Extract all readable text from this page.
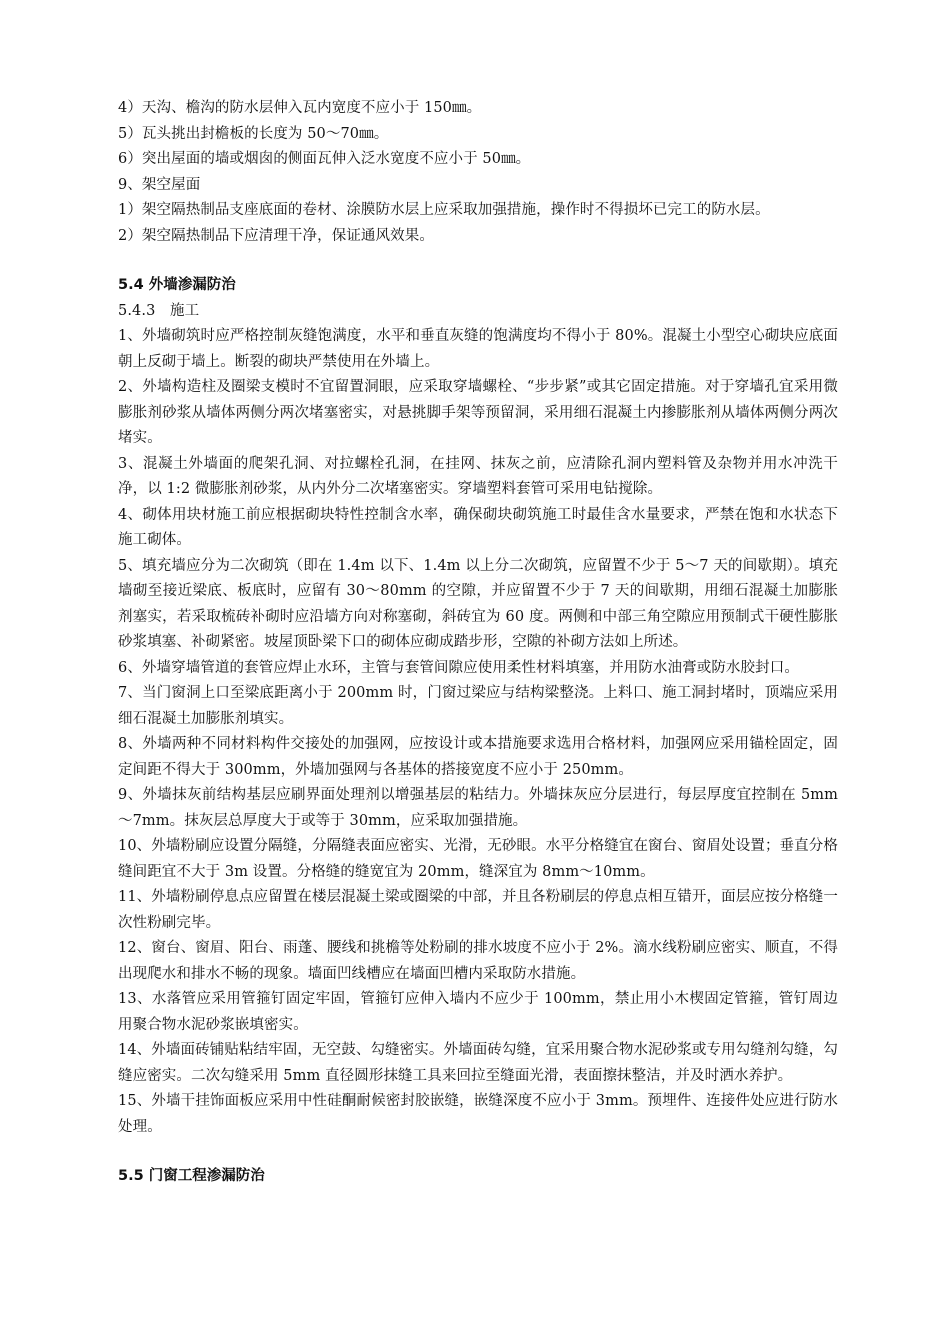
4）天沟、檐沟的防水层伸入瓦内宽度不应小于 150㎜。

5）瓦头挑出封檐板的长度为 50～70㎜。

6）突出屋面的墙或烟囱的侧面瓦伸入泛水宽度不应小于 50㎜。

9、架空屋面

1）架空隔热制品支座底面的卷材、涂膜防水层上应采取加强措施，操作时不得损坏已完工的防水层。

2）架空隔热制品下应清理干净，保证通风效果。

5.4 外墙渗漏防治

5.4.3　施工

1、外墙砌筑时应严格控制灰缝饱满度，水平和垂直灰缝的饱满度均不得小于 80%。混凝土小型空心砌块应底面朝上反砌于墙上。断裂的砌块严禁使用在外墙上。

2、外墙构造柱及圈梁支模时不宜留置洞眼，应采取穿墙螺栓、“步步紧”或其它固定措施。对于穿墙孔宜采用微膨胀剂砂浆从墙体两侧分两次堵塞密实，对悬挑脚手架等预留洞，采用细石混凝土内掺膨胀剂从墙体两侧分两次堵实。

3、混凝土外墙面的爬架孔洞、对拉螺栓孔洞，在挂网、抹灰之前，应清除孔洞内塑料管及杂物并用水冲洗干净，以 1:2 微膨胀剂砂浆，从内外分二次堵塞密实。穿墙塑料套管可采用电钻搅除。

4、砌体用块材施工前应根据砌块特性控制含水率，确保砌块砌筑施工时最佳含水量要求，严禁在饱和水状态下施工砌体。

5、填充墙应分为二次砌筑（即在 1.4m 以下、1.4m 以上分二次砌筑，应留置不少于 5～7 天的间歇期）。填充墙砌至接近梁底、板底时，应留有 30～80mm 的空隙，并应留置不少于 7 天的间歇期，用细石混凝土加膨胀剂塞实，若采取梳砖补砌时应沿墙方向对称塞砌，斜砖宜为 60 度。两侧和中部三角空隙应用预制式干硬性膨胀砂浆填塞、补砌紧密。坡屋顶卧梁下口的砌体应砌成踏步形，空隙的补砌方法如上所述。

6、外墙穿墙管道的套管应焊止水环，主管与套管间隙应使用柔性材料填塞，并用防水油膏或防水胶封口。

7、当门窗洞上口至梁底距离小于 200mm 时，门窗过梁应与结构梁整浇。上料口、施工洞封堵时，顶端应采用细石混凝土加膨胀剂填实。

8、外墙两种不同材料构件交接处的加强网，应按设计或本措施要求选用合格材料，加强网应采用锚栓固定，固定间距不得大于 300mm，外墙加强网与各基体的搭接宽度不应小于 250mm。

9、外墙抹灰前结构基层应刷界面处理剂以增强基层的粘结力。外墙抹灰应分层进行，每层厚度宜控制在 5mm～7mm。抹灰层总厚度大于或等于 30mm，应采取加强措施。

10、外墙粉刷应设置分隔缝，分隔缝表面应密实、光滑，无砂眼。水平分格缝宜在窗台、窗眉处设置；垂直分格缝间距宜不大于 3m 设置。分格缝的缝宽宜为 20mm，缝深宜为 8mm～10mm。

11、外墙粉刷停息点应留置在楼层混凝土梁或圈梁的中部，并且各粉刷层的停息点相互错开，面层应按分格缝一次性粉刷完毕。

12、窗台、窗眉、阳台、雨蓬、腰线和挑檐等处粉刷的排水坡度不应小于 2%。滴水线粉刷应密实、顺直，不得出现爬水和排水不畅的现象。墙面凹线槽应在墙面凹槽内采取防水措施。

13、水落管应采用管箍钉固定牢固，管箍钉应伸入墙内不应少于 100mm，禁止用小木楔固定管箍，管钉周边用聚合物水泥砂浆嵌填密实。

14、外墙面砖铺贴粘结牢固，无空鼓、勾缝密实。外墙面砖勾缝，宜采用聚合物水泥砂浆或专用勾缝剂勾缝，勾缝应密实。二次勾缝采用 5mm 直径圆形抹缝工具来回拉至缝面光滑，表面擦抹整洁，并及时洒水养护。

15、外墙干挂饰面板应采用中性硅酮耐候密封胶嵌缝，嵌缝深度不应小于 3mm。预埋件、连接件处应进行防水处理。

5.5 门窗工程渗漏防治
